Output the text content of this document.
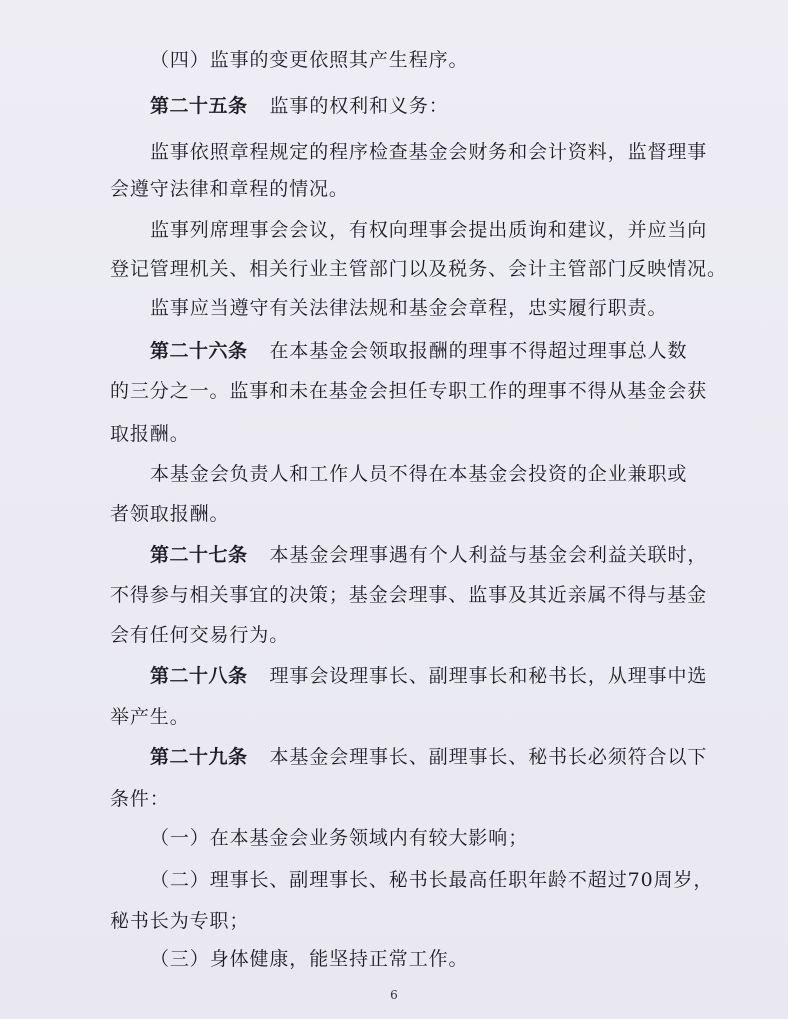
（四）监事的变更依照其产生程序。
第二十五条 监事的权利和义务：
监事依照章程规定的程序检查基金会财务和会计资料，监督理事
会遵守法律和章程的情况。
监事列席理事会会议，有权向理事会提出质询和建议，并应当向
登记管理机关、相关行业主管部门以及税务、会计主管部门反映情况。
监事应当遵守有关法律法规和基金会章程，忠实履行职责。
第二十六条 在本基金会领取报酬的理事不得超过理事总人数
的三分之一。监事和未在基金会担任专职工作的理事不得从基金会获
取报酬。
本基金会负责人和工作人员不得在本基金会投资的企业兼职或
者领取报酬。
第二十七条 本基金会理事遇有个人利益与基金会利益关联时，
不得参与相关事宜的决策；基金会理事、监事及其近亲属不得与基金
会有任何交易行为。
第二十八条 理事会设理事长、副理事长和秘书长，从理事中选
举产生。
第二十九条 本基金会理事长、副理事长、秘书长必须符合以下
条件：
（一）在本基金会业务领域内有较大影响；
（二）理事长、副理事长、秘书长最高任职年龄不超过70周岁，
秘书长为专职；
（三）身体健康，能坚持正常工作。
6
